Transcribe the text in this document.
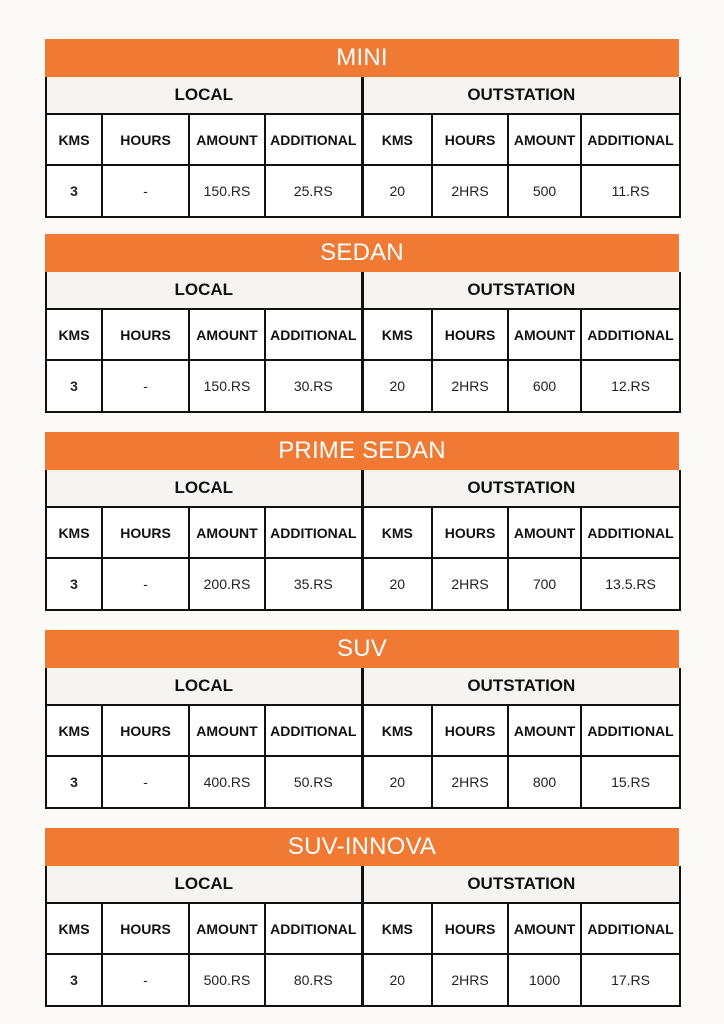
MINI
LOCAL				OUTSTATION			
KMS	HOURS	AMOUNT	ADDITIONAL	KMS	HOURS	AMOUNT	ADDITIONAL
3	-	150.RS	25.RS	20	2HRS	500	11.RS
SEDAN
LOCAL				OUTSTATION			
KMS	HOURS	AMOUNT	ADDITIONAL	KMS	HOURS	AMOUNT	ADDITIONAL
3	-	150.RS	30.RS	20	2HRS	600	12.RS
PRIME SEDAN
LOCAL				OUTSTATION			
KMS	HOURS	AMOUNT	ADDITIONAL	KMS	HOURS	AMOUNT	ADDITIONAL
3	-	200.RS	35.RS	20	2HRS	700	13.5.RS
SUV
LOCAL				OUTSTATION			
KMS	HOURS	AMOUNT	ADDITIONAL	KMS	HOURS	AMOUNT	ADDITIONAL
3	-	400.RS	50.RS	20	2HRS	800	15.RS
SUV-INNOVA
LOCAL				OUTSTATION			
KMS	HOURS	AMOUNT	ADDITIONAL	KMS	HOURS	AMOUNT	ADDITIONAL
3	-	500.RS	80.RS	20	2HRS	1000	17.RS
